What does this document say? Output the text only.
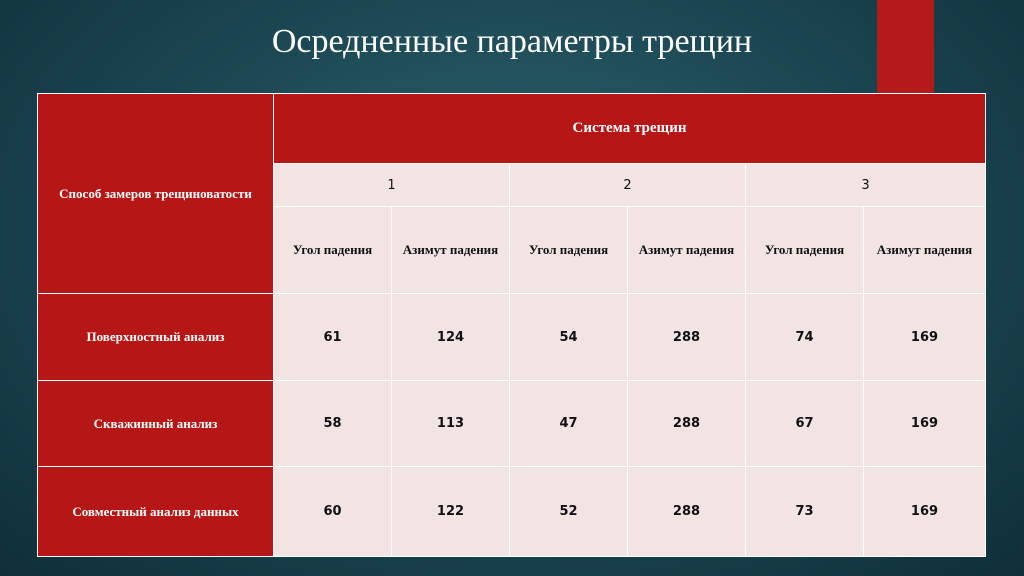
Осредненные параметры трещин
Способ замеров трещиноватости	Система трещин					
	1		2		3	
	Угол падения	Азимут падения	Угол падения	Азимут падения	Угол падения	Азимут падения
Поверхностный анализ	61	124	54	288	74	169
Скважинный анализ	58	113	47	288	67	169
Совместный анализ данных	60	122	52	288	73	169
